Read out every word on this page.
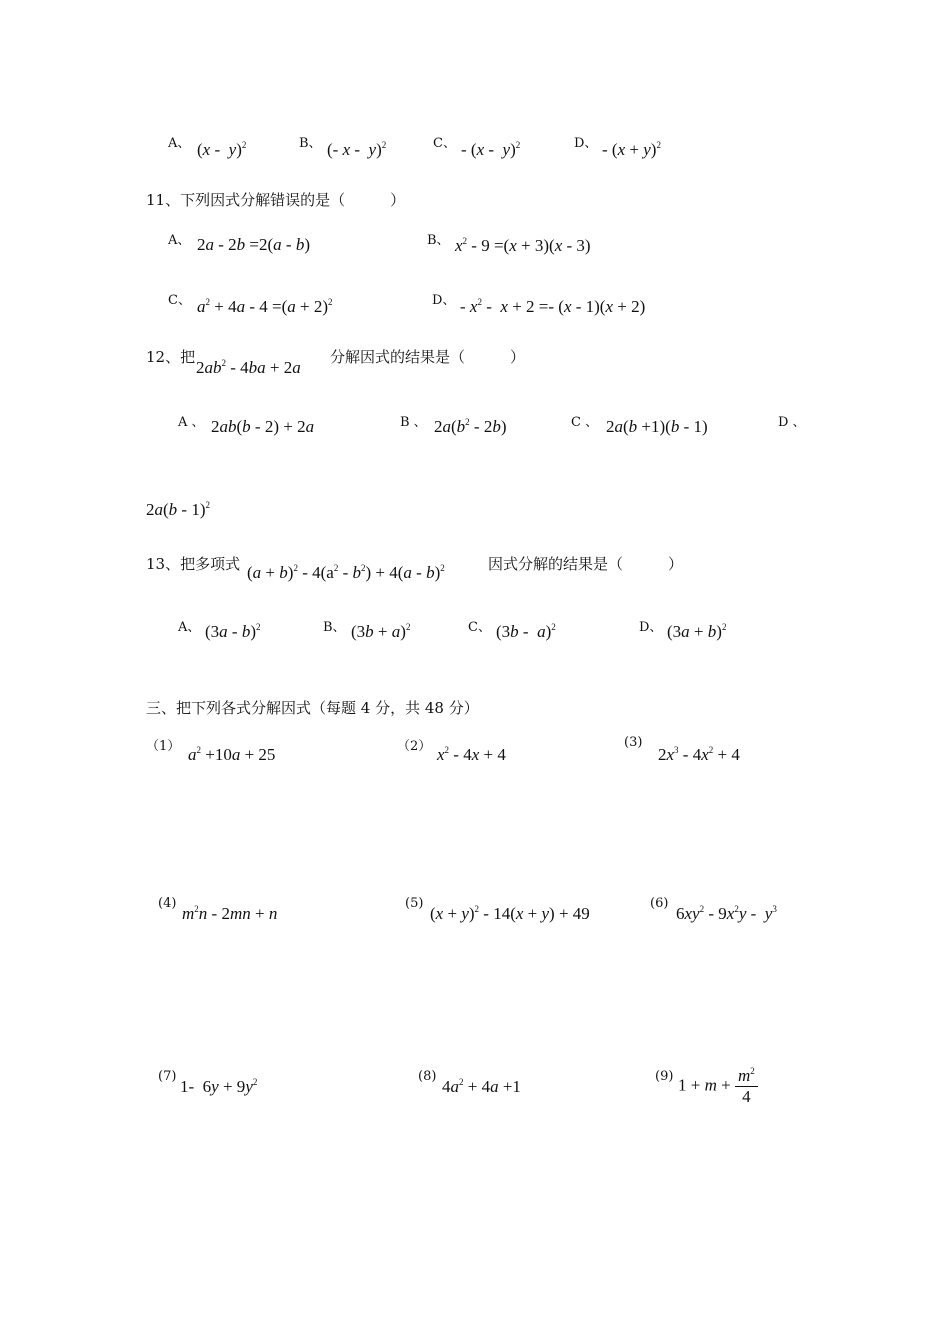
A、 (x -  y)$^2$	B、 (- x -  y)$^2$	C、 - (x -  y)$^2$	D、 - $(x + y)^2$
11、下列因式分解错误的是（　　　）
A、 2a - 2b =2(a - b)	B、 $x^2 - 9 =(x + 3)(x - 3)$
C、 $a^2 + 4a - 4 =(a + 2)^2$	D、 - $x^2 - x + 2 =- (x - 1)(x + 2)$
12、把
$2ab^2 - 4ba + 2a$
分解因式的结果是（　　　）
A 、 2ab(b - 2) + 2a	B 、 $2a(b^2 - 2b)$	C 、 2a(b +1)(b - 1)	D 、
2a(b - 1)$^2$
13、把多项式 $(a + b)^2 - 4(a^2 - b^2) + 4(a - b)^2$	因式分解的结果是（　　　）
A、 (3a - b)$^2$	B、 $(3b + a)^2$	C、 (3b -  a)$^2$	D、 $(3a + b)^2$
三、把下列各式分解因式（每题 4 分，共 48 分）
（1） $a^2 +10a + 25$	（2） $x^2 - 4x + 4$
(3)
$2x^3 - 4x^2 + 4$
(4)
$m^2n - 2mn + n$
(5)
$(x + y)^2 - 14(x + y) + 49$
(6)
$6xy^2 - 9x^2y - y^3$
(7)
1-  $6y + 9y^2$	(8)
$4a^2 + 4a +1$
(9) $1 + m + \frac{m^2}{4}$
